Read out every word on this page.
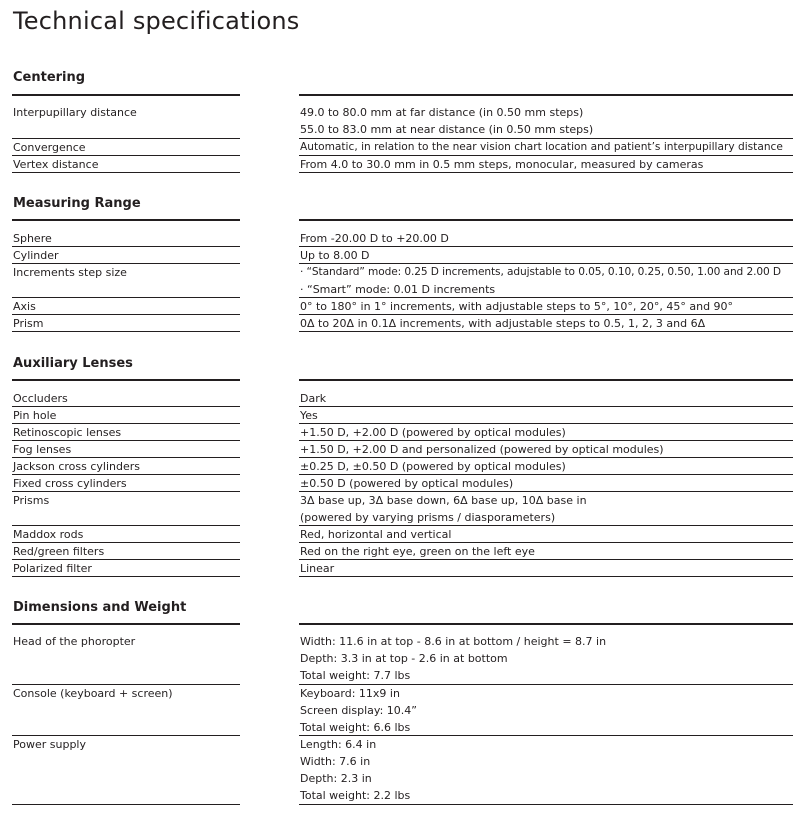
Technical specifications
Centering
Interpupillary distance	49.0 to 80.0 mm at far distance (in 0.50 mm steps)
55.0 to 83.0 mm at near distance (in 0.50 mm steps)
Convergence	Automatic, in relation to the near vision chart location and patient’s interpupillary distance
Vertex distance	From 4.0 to 30.0 mm in 0.5 mm steps, monocular, measured by cameras
Measuring Range
Sphere	From -20.00 D to +20.00 D
Cylinder	Up to 8.00 D
Increments step size	· “Standard” mode: 0.25 D increments, adujstable to 0.05, 0.10, 0.25, 0.50, 1.00 and 2.00 D
· “Smart” mode: 0.01 D increments
Axis	0° to 180° in 1° increments, with adjustable steps to 5°, 10°, 20°, 45° and 90°
Prism	0Δ to 20Δ in 0.1Δ increments, with adjustable steps to 0.5, 1, 2, 3 and 6Δ
Auxiliary Lenses
Occluders	Dark
Pin hole	Yes
Retinoscopic lenses	+1.50 D, +2.00 D (powered by optical modules)
Fog lenses	+1.50 D, +2.00 D and personalized (powered by optical modules)
Jackson cross cylinders	±0.25 D, ±0.50 D (powered by optical modules)
Fixed cross cylinders	±0.50 D (powered by optical modules)
Prisms	3Δ base up, 3Δ base down, 6Δ base up, 10Δ base in
(powered by varying prisms / diasporameters)
Maddox rods	Red, horizontal and vertical
Red/green filters	Red on the right eye, green on the left eye
Polarized filter	Linear
Dimensions and Weight
Head of the phoropter	Width: 11.6 in at top - 8.6 in at bottom / height = 8.7 in
Depth: 3.3 in at top - 2.6 in at bottom
Total weight: 7.7 lbs
Console (keyboard + screen)	Keyboard: 11x9 in
Screen display: 10.4”
Total weight: 6.6 lbs
Power supply	Length: 6.4 in
Width: 7.6 in
Depth: 2.3 in
Total weight: 2.2 lbs
